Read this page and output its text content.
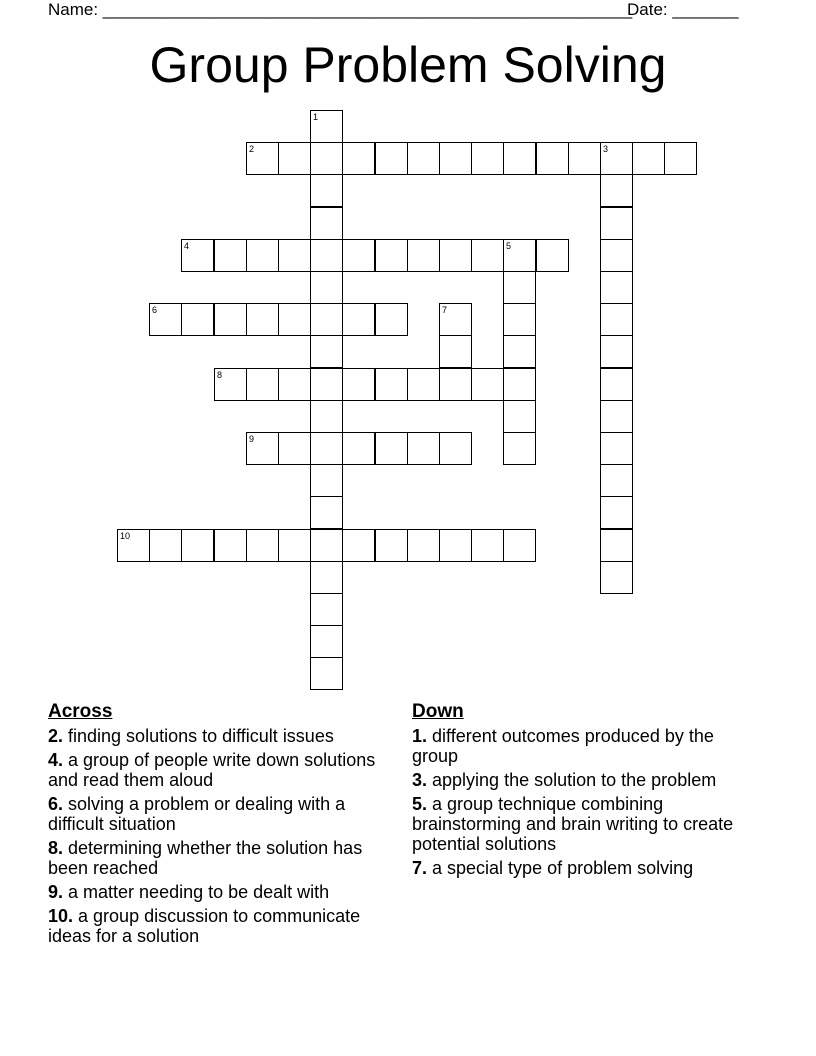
Name: ________________________________________________________
Date: _______
Group Problem Solving
1
2	3
4	5
6	7
8
9
10
Across
2. finding solutions to difficult issues
4. a group of people write down solutions and read them aloud
6. solving a problem or dealing with a difficult situation
8. determining whether the solution has been reached
9. a matter needing to be dealt with
10. a group discussion to communicate ideas for a solution
Down
1. different outcomes produced by the group
3. applying the solution to the problem
5. a group technique combining brainstorming and brain writing to create potential solutions
7. a special type of problem solving
